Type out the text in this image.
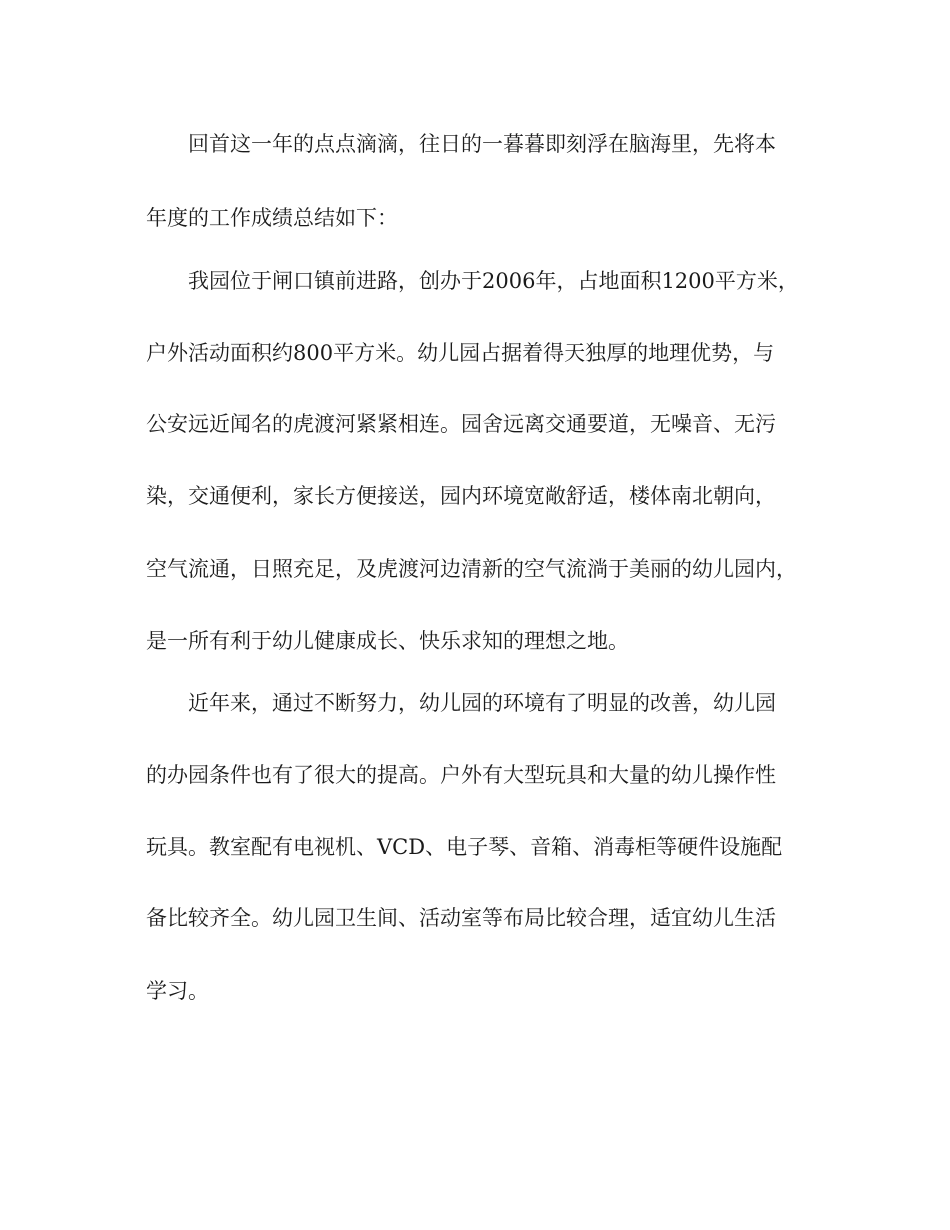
回首这一年的点点滴滴，往日的一暮暮即刻浮在脑海里，先将本
年度的工作成绩总结如下：
我园位于闸口镇前进路，创办于2006年，占地面积1200平方米，
户外活动面积约800平方米。幼儿园占据着得天独厚的地理优势，与
公安远近闻名的虎渡河紧紧相连。园舍远离交通要道，无噪音、无污
染，交通便利，家长方便接送，园内环境宽敞舒适，楼体南北朝向，
空气流通，日照充足，及虎渡河边清新的空气流淌于美丽的幼儿园内，
是一所有利于幼儿健康成长、快乐求知的理想之地。
近年来，通过不断努力，幼儿园的环境有了明显的改善，幼儿园
的办园条件也有了很大的提高。户外有大型玩具和大量的幼儿操作性
玩具。教室配有电视机、VCD、电子琴、音箱、消毒柜等硬件设施配
备比较齐全。幼儿园卫生间、活动室等布局比较合理，适宜幼儿生活
学习。
